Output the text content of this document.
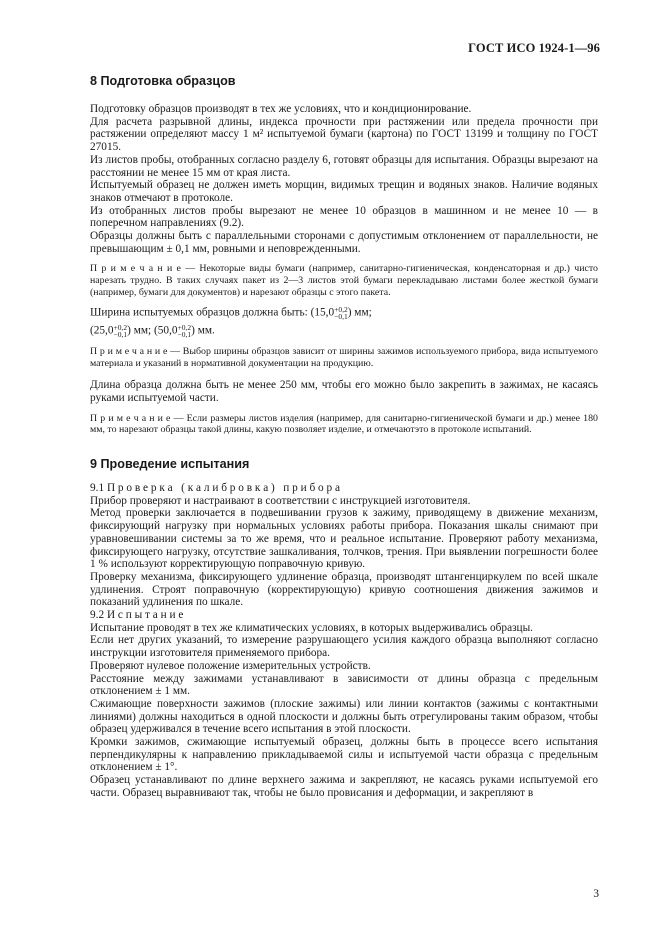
ГОСТ ИСО 1924-1—96
8 Подготовка образцов

Подготовку образцов производят в тех же условиях, что и кондиционирование.

Для расчета разрывной длины, индекса прочности при растяжении или предела прочности при растяжении определяют массу 1 м² испытуемой бумаги (картона) по ГОСТ 13199 и толщину по ГОСТ 27015.

Из листов пробы, отобранных согласно разделу 6, готовят образцы для испытания. Образцы вырезают на расстоянии не менее 15 мм от края листа.

Испытуемый образец не должен иметь морщин, видимых трещин и водяных знаков. Наличие водяных знаков отмечают в протоколе.

Из отобранных листов пробы вырезают не менее 10 образцов в машинном и не менее 10 — в поперечном направлениях (9.2).

Образцы должны быть с параллельными сторонами с допустимым отклонением от параллельности, не превышающим ± 0,1 мм, ровными и неповрежденными.

П р и м е ч а н и е — Некоторые виды бумаги (например, санитарно-гигиеническая, конденсаторная и др.) чисто нарезать трудно. В таких случаях пакет из 2—3 листов этой бумаги перекладываю листами более жесткой бумаги (например, бумаги для документов) и нарезают образцы с этого пакета.

Ширина испытуемых образцов должна быть: (15,0 +0,2
−0,1 ) мм;

(25,0 +0,2
−0,1 ) мм; (50,0 +0,2
−0,1 ) мм.

П р и м е ч а н и е — Выбор ширины образцов зависит от ширины зажимов используемого прибора, вида испытуемого материала и указаний в нормативной документации на продукцию.

Длина образца должна быть не менее 250 мм, чтобы его можно было закрепить в зажимах, не касаясь руками испытуемой части.

П р и м е ч а н и е — Если размеры листов изделия (например, для санитарно-гигиенической бумаги и др.) менее 180 мм, то нарезают образцы такой длины, какую позволяет изделие, и отмечаютэто в протоколе испытаний.

9 Проведение испытания

9.1 П р о в е р к а   ( к а л и б р о в к а )   п р и б о р а

Прибор проверяют и настраивают в соответствии с инструкцией изготовителя.

Метод проверки заключается в подвешивании грузов к зажиму, приводящему в движение механизм, фиксирующий нагрузку при нормальных условиях работы прибора. Показания шкалы снимают при уравновешивании системы за то же время, что и реальное испытание. Проверяют работу механизма, фиксирующего нагрузку, отсутствие зашкаливания, толчков, трения. При выявлении погрешности более 1 % используют корректирующую поправочную кривую.

Проверку механизма, фиксирующего удлинение образца, производят штангенциркулем по всей шкале удлинения. Строят поправочную (корректирующую) кривую соотношения движения зажимов и показаний удлинения по шкале.

9.2 И с п ы т а н и е

Испытание проводят в тех же климатических условиях, в которых выдерживались образцы.

Если нет других указаний, то измерение разрушающего усилия каждого образца выполняют согласно инструкции изготовителя применяемого прибора.

Проверяют нулевое положение измерительных устройств.

Расстояние между зажимами устанавливают в зависимости от длины образца с предельным отклонением ± 1 мм.

Сжимающие поверхности зажимов (плоские зажимы) или линии контактов (зажимы с контактными линиями) должны находиться в одной плоскости и должны быть отрегулированы таким образом, чтобы образец удерживался в течение всего испытания в этой плоскости.

Кромки зажимов, сжимающие испытуемый образец, должны быть в процессе всего испытания перпендикулярны к направлению прикладываемой силы и испытуемой части образца с предельным отклонением ± 1°.

Образец устанавливают по длине верхнего зажима и закрепляют, не касаясь руками испытуемой его части. Образец выравнивают так, чтобы не было провисания и деформации, и закрепляют в

3
